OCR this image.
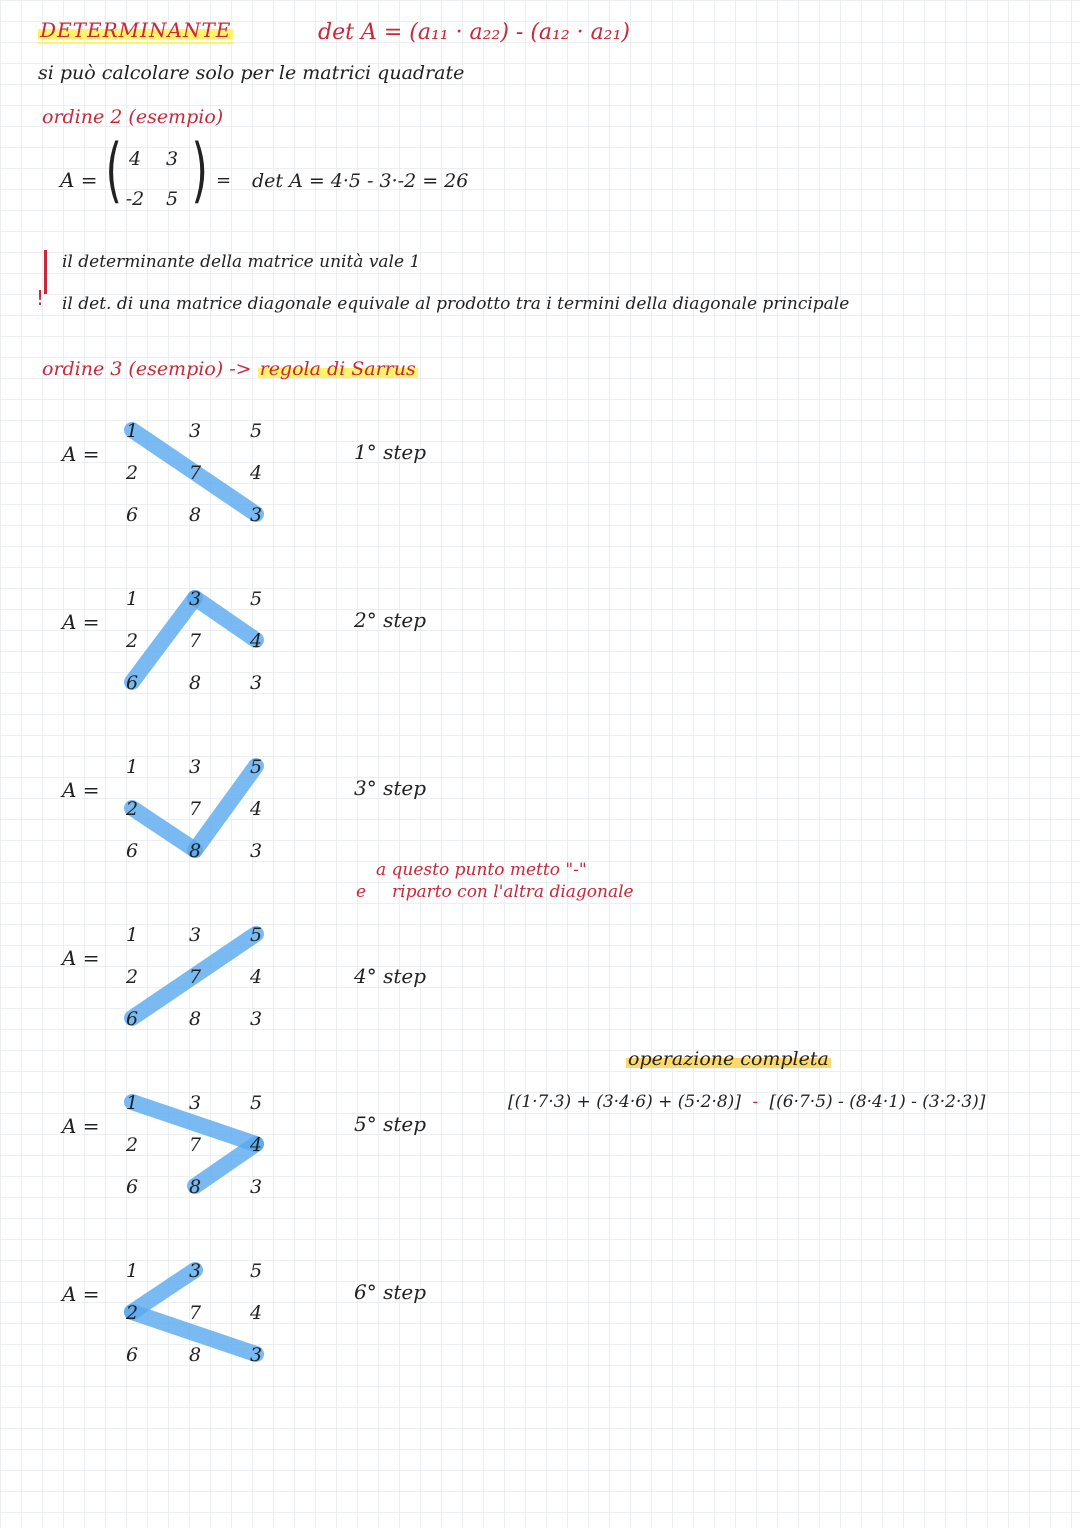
DETERMINANTE	det A = (a₁₁ · a₂₂) - (a₁₂ · a₂₁)
si può calcolare solo per le matrici quadrate
ordine 2 (esempio)
A = ( )
4 3
-2 5
= det A = 4·5 - 3·-2 = 26
!
il determinante della matrice unità vale 1
il det. di una matrice diagonale equivale al prodotto tra i termini della diagonale principale
ordine 3 (esempio) -> regola di Sarrus
A =
1	3	5
2	7	4
6	8	3
1° step
A =
1	3	5
2	7	4
6	8	3
2° step
A =
1	3	5
2	7	4
6	8	3
3° step
A =
1	3	5
2	7	4
6	8	3
4° step
A =
1	3	5
2	7	4
6	8	3
5° step
A =
1	3	5
2	7	4
6	8	3
6° step
a questo punto metto "-"
e riparto con l'altra diagonale
operazione completa
[(1·7·3) + (3·4·6) + (5·2·8)] - [(6·7·5) - (8·4·1) - (3·2·3)]
